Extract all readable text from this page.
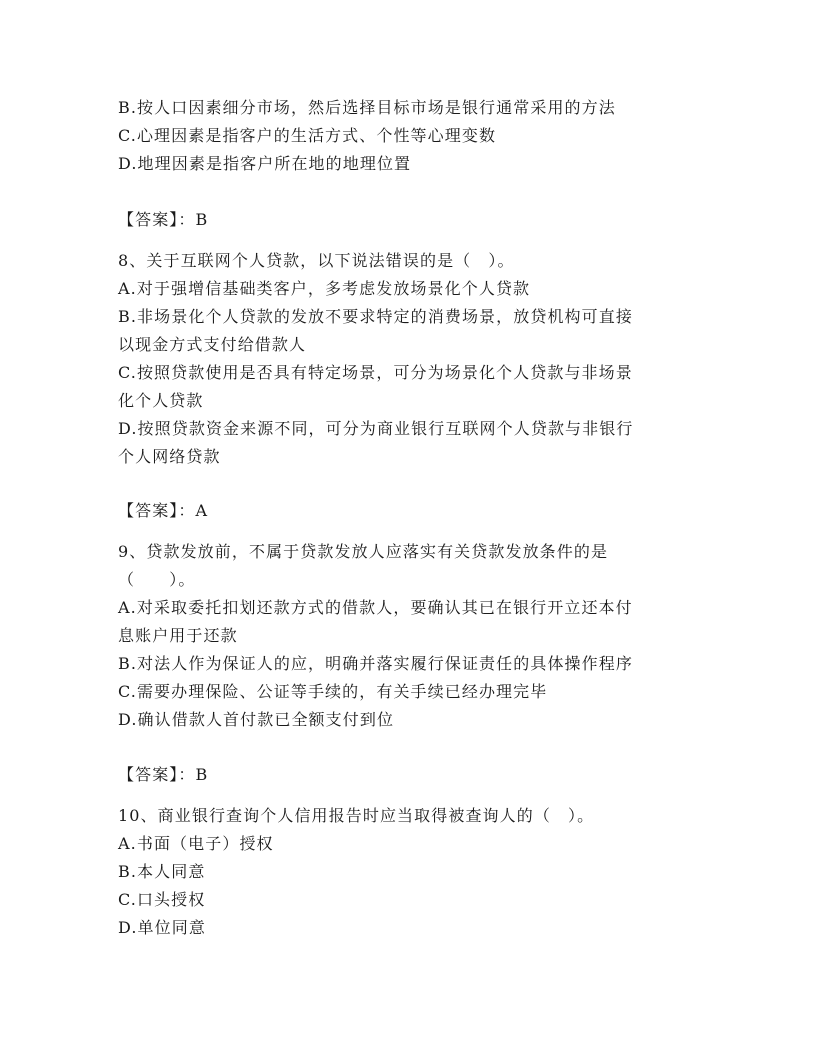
B.按人口因素细分市场，然后选择目标市场是银行通常采用的方法
C.心理因素是指客户的生活方式、个性等心理变数
D.地理因素是指客户所在地的地理位置
【答案】：B
8、关于互联网个人贷款，以下说法错误的是（　）。
A.对于强增信基础类客户，多考虑发放场景化个人贷款
B.非场景化个人贷款的发放不要求特定的消费场景，放贷机构可直接
以现金方式支付给借款人
C.按照贷款使用是否具有特定场景，可分为场景化个人贷款与非场景
化个人贷款
D.按照贷款资金来源不同，可分为商业银行互联网个人贷款与非银行
个人网络贷款
【答案】：A
9、贷款发放前，不属于贷款发放人应落实有关贷款发放条件的是
（　　）。
A.对采取委托扣划还款方式的借款人，要确认其已在银行开立还本付
息账户用于还款
B.对法人作为保证人的应，明确并落实履行保证责任的具体操作程序
C.需要办理保险、公证等手续的，有关手续已经办理完毕
D.确认借款人首付款已全额支付到位
【答案】：B
10、商业银行查询个人信用报告时应当取得被查询人的（　）。
A.书面（电子）授权
B.本人同意
C.口头授权
D.单位同意
